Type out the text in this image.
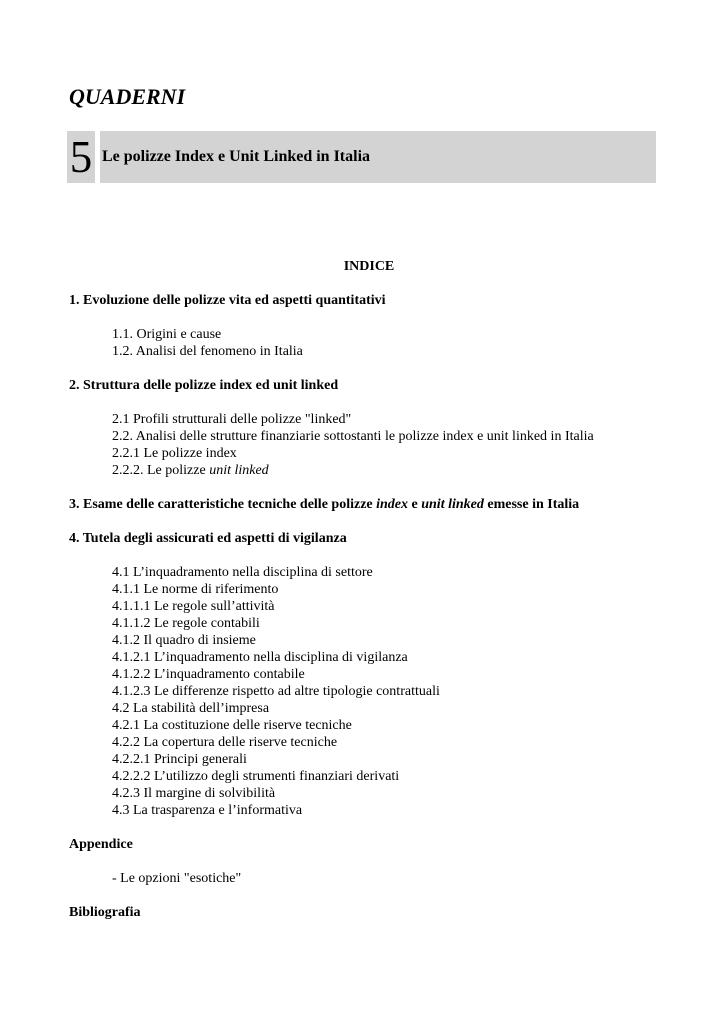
QUADERNI
5 Le polizze Index e Unit Linked in Italia
INDICE
1. Evoluzione delle polizze vita ed aspetti quantitativi
1.1. Origini e cause
1.2. Analisi del fenomeno in Italia
2. Struttura delle polizze index ed unit linked
2.1 Profili strutturali delle polizze "linked"
2.2. Analisi delle strutture finanziarie sottostanti le polizze index e unit linked in Italia
2.2.1 Le polizze index
2.2.2. Le polizze unit linked
3. Esame delle caratteristiche tecniche delle polizze index e unit linked emesse in Italia
4. Tutela degli assicurati ed aspetti di vigilanza
4.1 L’inquadramento nella disciplina di settore
4.1.1 Le norme di riferimento
4.1.1.1 Le regole sull’attività
4.1.1.2 Le regole contabili
4.1.2 Il quadro di insieme
4.1.2.1 L’inquadramento nella disciplina di vigilanza
4.1.2.2 L’inquadramento contabile
4.1.2.3 Le differenze rispetto ad altre tipologie contrattuali
4.2 La stabilità dell’impresa
4.2.1 La costituzione delle riserve tecniche
4.2.2 La copertura delle riserve tecniche
4.2.2.1 Principi generali
4.2.2.2 L’utilizzo degli strumenti finanziari derivati
4.2.3 Il margine di solvibilità
4.3 La trasparenza e l’informativa
Appendice
- Le opzioni "esotiche"
Bibliografia
